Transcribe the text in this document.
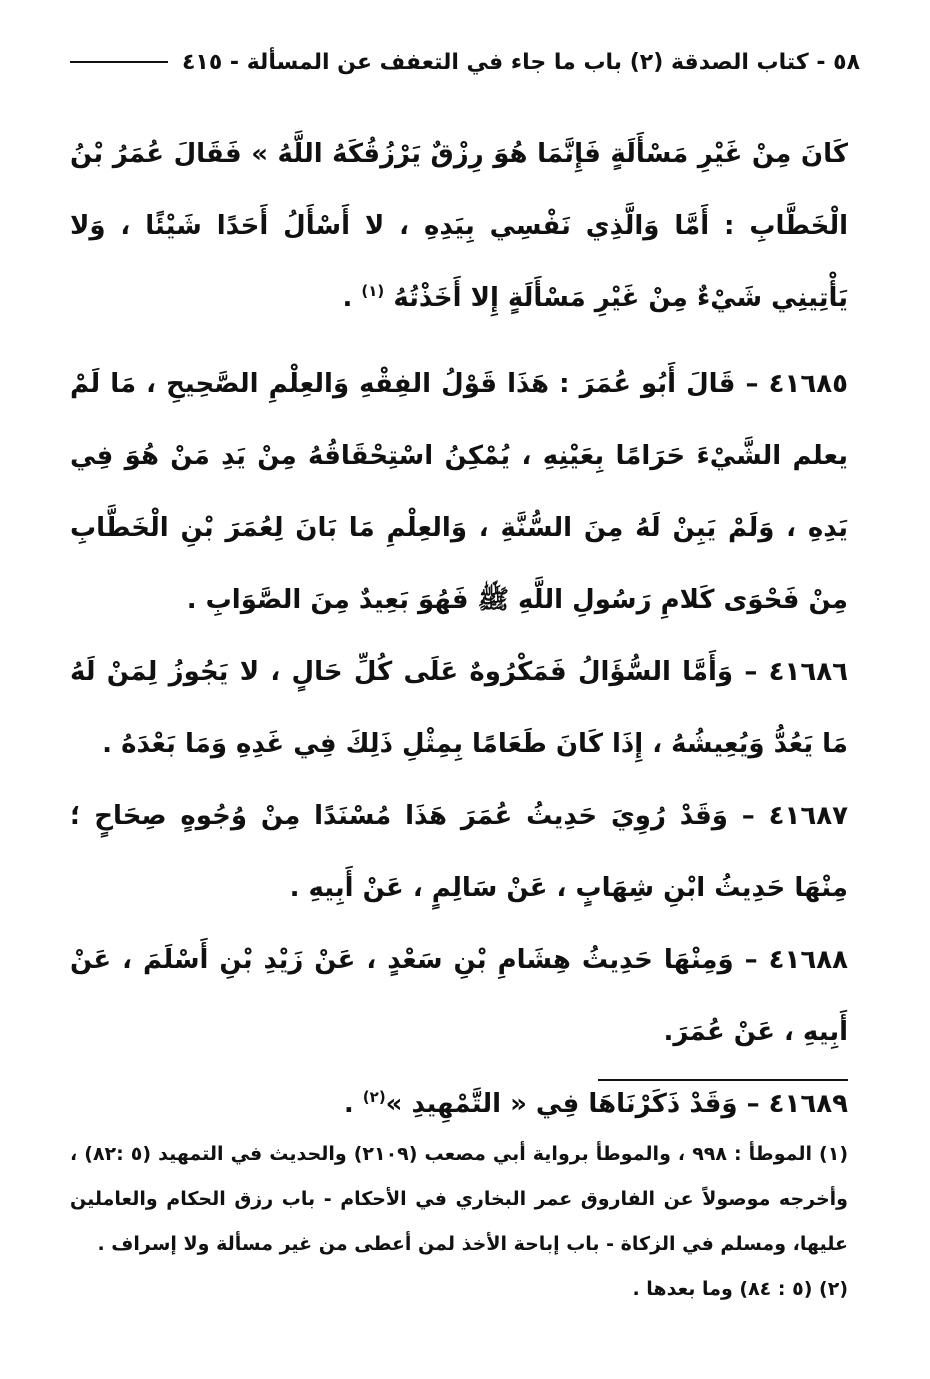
٥٨ - كتاب الصدقة (٢) باب ما جاء في التعفف عن المسألة - ٤١٥

كَانَ مِنْ غَيْرِ مَسْأَلَةٍ فَإِنَّمَا هُوَ رِزْقٌ يَرْزُقُكَهُ اللَّهُ » فَقَالَ عُمَرُ بْنُ الْخَطَّابِ : أَمَّا وَالَّذِي نَفْسِي بِيَدِهِ ، لا أَسْأَلُ أَحَدًا شَيْئًا ، وَلا يَأْتِينِي شَيْءٌ مِنْ غَيْرِ مَسْأَلَةٍ إِلا أَخَذْتُهُ $^{(١)}$ .

٤١٦٨٥ – قَالَ أَبُو عُمَرَ : هَذَا قَوْلُ الفِقْهِ وَالعِلْمِ الصَّحِيحِ ، مَا لَمْ يعلم الشَّيْءَ حَرَامًا بِعَيْنِهِ ، يُمْكِنُ اسْتِحْقَاقُهُ مِنْ يَدِ مَنْ هُوَ فِي يَدِهِ ، وَلَمْ يَبِنْ لَهُ مِنَ السُّنَّةِ ، وَالعِلْمِ مَا بَانَ لِعُمَرَ بْنِ الْخَطَّابِ مِنْ فَحْوَى كَلامِ رَسُولِ اللَّهِ ﷺ فَهُوَ بَعِيدٌ مِنَ الصَّوَابِ .

٤١٦٨٦ – وَأَمَّا السُّؤَالُ فَمَكْرُوهٌ عَلَى كُلِّ حَالٍ ، لا يَجُوزُ لِمَنْ لَهُ مَا يَعُدُّ وَيُعِيشُهُ ، إِذَا كَانَ طَعَامًا بِمِثْلِ ذَلِكَ فِي غَدِهِ وَمَا بَعْدَهُ .

٤١٦٨٧ – وَقَدْ رُوِيَ حَدِيثُ عُمَرَ هَذَا مُسْنَدًا مِنْ وُجُوهٍ صِحَاحٍ ؛ مِنْهَا حَدِيثُ ابْنِ شِهَابٍ ، عَنْ سَالِمٍ ، عَنْ أَبِيهِ .

٤١٦٨٨ – وَمِنْهَا حَدِيثُ هِشَامِ بْنِ سَعْدٍ ، عَنْ زَيْدِ بْنِ أَسْلَمَ ، عَنْ أَبِيهِ ، عَنْ عُمَرَ.

٤١٦٨٩ – وَقَدْ ذَكَرْنَاهَا فِي « التَّمْهِيدِ »$^{(٢)}$ .

(١) الموطأ : ٩٩٨ ، والموطأ برواية أبي مصعب (٢١٠٩) والحديث في التمهيد (٥ :٨٢) ، وأخرجه موصولاً عن الفاروق عمر البخاري في الأحكام - باب رزق الحكام والعاملين عليها، ومسلم في الزكاة - باب إباحة الأخذ لمن أعطى من غير مسألة ولا إسراف .

(٢) (٥ : ٨٤) وما بعدها .
